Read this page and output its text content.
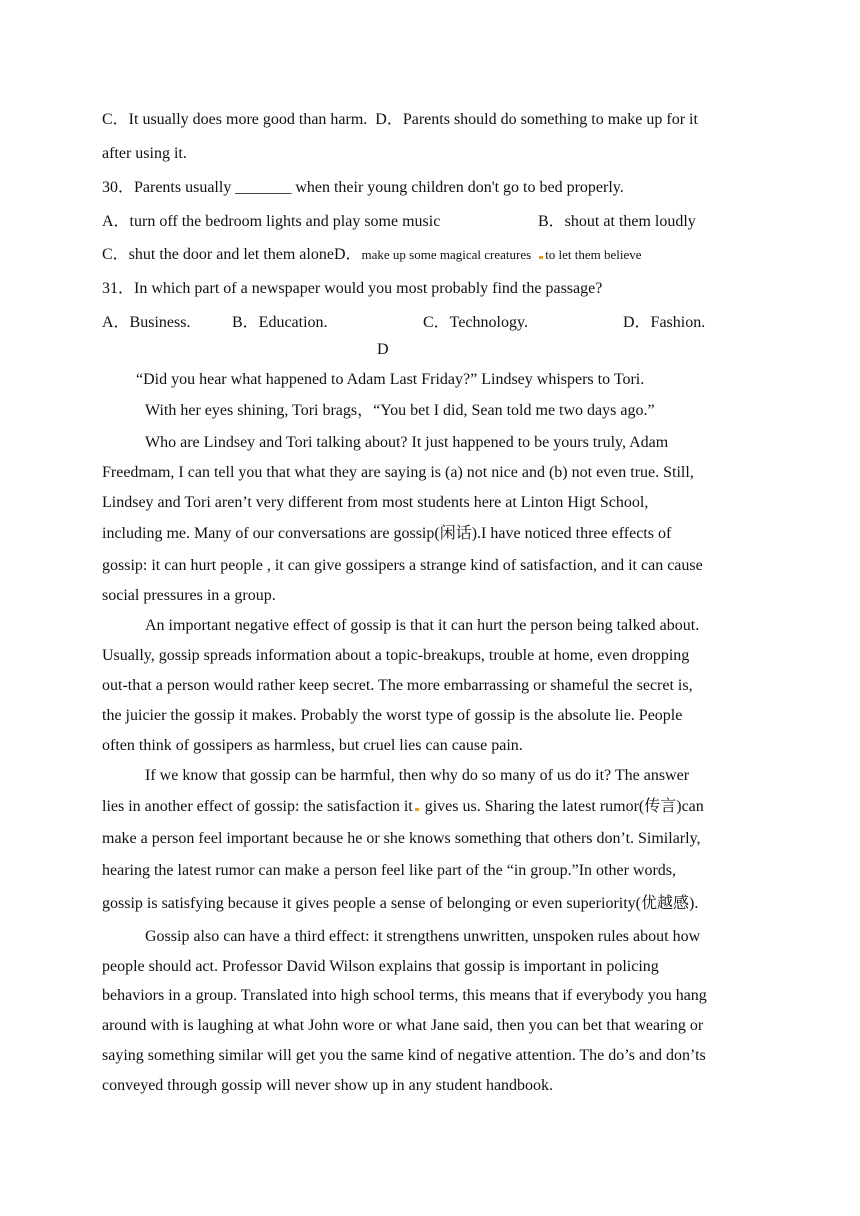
C．It usually does more good than harm. D．Parents should do something to make up for it
after using it.
30．Parents usually _______ when their young children don't go to bed properly.
A．turn off the bedroom lights and play some music	B．shout at them loudly
C．shut the door and let them aloneD．make up some magical creatures to let them believe
31．In which part of a newspaper would you most probably find the passage?
A．Business.	B．Education.	C．Technology.	D．Fashion.
D
“Did you hear what happened to Adam Last Friday?” Lindsey whispers to Tori.
With her eyes shining, Tori brags，“You bet I did, Sean told me two days ago.”
Who are Lindsey and Tori talking about? It just happened to be yours truly, Adam
Freedmam, I can tell you that what they are saying is (a) not nice and (b) not even true. Still,
Lindsey and Tori aren’t very different from most students here at Linton Higt School,
including me. Many of our conversations are gossip(闲话).I have noticed three effects of
gossip: it can hurt people , it can give gossipers a strange kind of satisfaction, and it can cause
social pressures in a group.
An important negative effect of gossip is that it can hurt the person being talked about.
Usually, gossip spreads information about a topic-breakups, trouble at home, even dropping
out-that a person would rather keep secret. The more embarrassing or shameful the secret is,
the juicier the gossip it makes. Probably the worst type of gossip is the absolute lie. People
often think of gossipers as harmless, but cruel lies can cause pain.
If we know that gossip can be harmful, then why do so many of us do it? The answer
lies in another effect of gossip: the satisfaction it gives us. Sharing the latest rumor(传言)can
make a person feel important because he or she knows something that others don’t. Similarly,
hearing the latest rumor can make a person feel like part of the “in group.”In other words,
gossip is satisfying because it gives people a sense of belonging or even superiority(优越感).
Gossip also can have a third effect: it strengthens unwritten, unspoken rules about how
people should act. Professor David Wilson explains that gossip is important in policing
behaviors in a group. Translated into high school terms, this means that if everybody you hang
around with is laughing at what John wore or what Jane said, then you can bet that wearing or
saying something similar will get you the same kind of negative attention. The do’s and don’ts
conveyed through gossip will never show up in any student handbook.
